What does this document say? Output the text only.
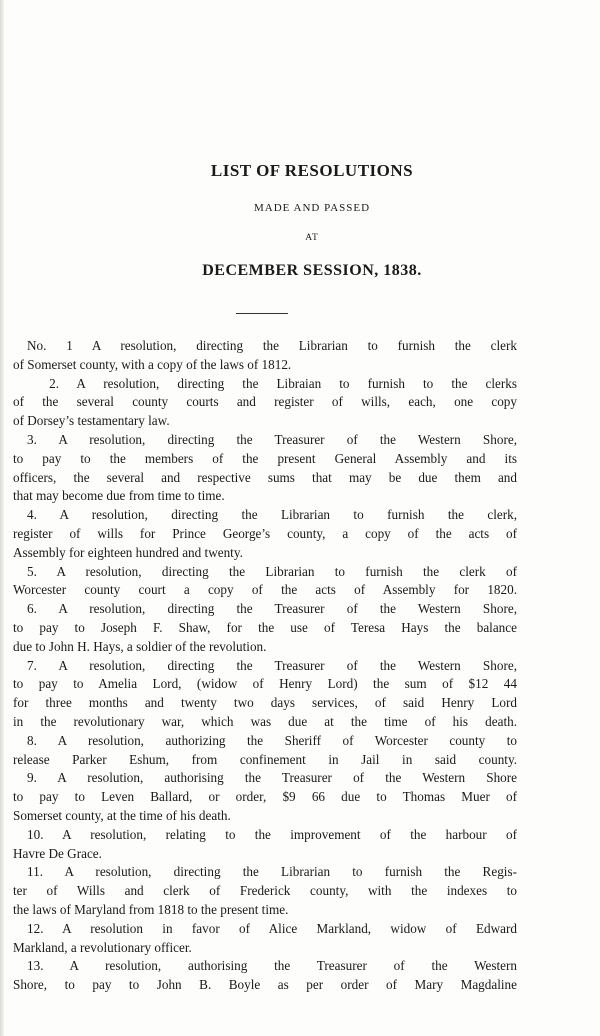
LIST OF RESOLUTIONS
MADE AND PASSED
AT
DECEMBER SESSION, 1838.
No. 1 A resolution, directing the Librarian to furnish the clerk
of Somerset county, with a copy of the laws of 1812.
2. A resolution, directing the Libraian to furnish to the clerks
of the several county courts and register of wills, each, one copy
of Dorsey’s testamentary law.
3. A resolution, directing the Treasurer of the Western Shore,
to pay to the members of the present General Assembly and its
officers, the several and respective sums that may be due them and
that may become due from time to time.
4. A resolution, directing the Librarian to furnish the clerk,
register of wills for Prince George’s county, a copy of the acts of
Assembly for eighteen hundred and twenty.
5. A resolution, directing the Librarian to furnish the clerk of
Worcester county court a copy of the acts of Assembly for 1820.
6. A resolution, directing the Treasurer of the Western Shore,
to pay to Joseph F. Shaw, for the use of Teresa Hays the balance
due to John H. Hays, a soldier of the revolution.
7. A resolution, directing the Treasurer of the Western Shore,
to pay to Amelia Lord, (widow of Henry Lord) the sum of $12 44
for three months and twenty two days services, of said Henry Lord
in the revolutionary war, which was due at the time of his death.
8. A resolution, authorizing the Sheriff of Worcester county to
release Parker Eshum, from confinement in Jail in said county.
9. A resolution, authorising the Treasurer of the Western Shore
to pay to Leven Ballard, or order, $9 66 due to Thomas Muer of
Somerset county, at the time of his death.
10. A resolution, relating to the improvement of the harbour of
Havre De Grace.
11. A resolution, directing the Librarian to furnish the Regis-
ter of Wills and clerk of Frederick county, with the indexes to
the laws of Maryland from 1818 to the present time.
12. A resolution in favor of Alice Markland, widow of Edward
Markland, a revolutionary officer.
13. A resolution, authorising the Treasurer of the Western
Shore, to pay to John B. Boyle as per order of Mary Magdaline
